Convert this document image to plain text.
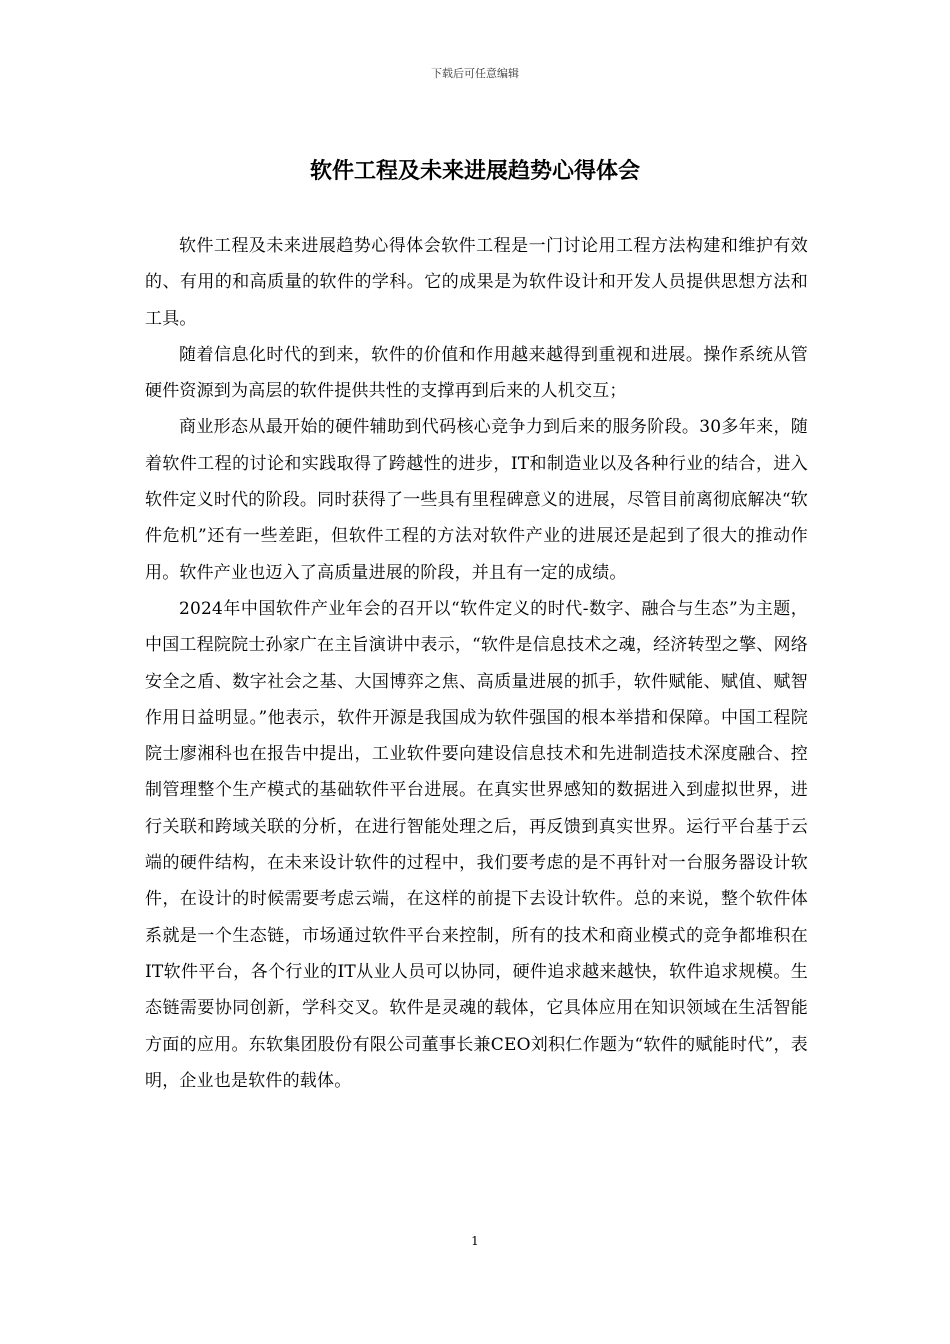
下载后可任意编辑
软件工程及未来进展趋势心得体会

软件工程及未来进展趋势心得体会软件工程是一门讨论用工程方法构建和维护有效的、有用的和高质量的软件的学科。它的成果是为软件设计和开发人员提供思想方法和工具。

随着信息化时代的到来，软件的价值和作用越来越得到重视和进展。操作系统从管硬件资源到为高层的软件提供共性的支撑再到后来的人机交互；

商业形态从最开始的硬件辅助到代码核心竞争力到后来的服务阶段。30多年来，随着软件工程的讨论和实践取得了跨越性的进步，IT和制造业以及各种行业的结合，进入软件定义时代的阶段。同时获得了一些具有里程碑意义的进展，尽管目前离彻底解决“软件危机”还有一些差距，但软件工程的方法对软件产业的进展还是起到了很大的推动作用。软件产业也迈入了高质量进展的阶段，并且有一定的成绩。

2024年中国软件产业年会的召开以“软件定义的时代-数字、融合与生态”为主题，中国工程院院士孙家广在主旨演讲中表示，“软件是信息技术之魂，经济转型之擎、网络安全之盾、数字社会之基、大国博弈之焦、高质量进展的抓手，软件赋能、赋值、赋智作用日益明显。”他表示，软件开源是我国成为软件强国的根本举措和保障。中国工程院院士廖湘科也在报告中提出，工业软件要向建设信息技术和先进制造技术深度融合、控制管理整个生产模式的基础软件平台进展。在真实世界感知的数据进入到虚拟世界，进行关联和跨域关联的分析，在进行智能处理之后，再反馈到真实世界。运行平台基于云端的硬件结构，在未来设计软件的过程中，我们要考虑的是不再针对一台服务器设计软件，在设计的时候需要考虑云端，在这样的前提下去设计软件。总的来说，整个软件体系就是一个生态链，市场通过软件平台来控制，所有的技术和商业模式的竞争都堆积在IT软件平台，各个行业的IT从业人员可以协同，硬件追求越来越快，软件追求规模。生态链需要协同创新，学科交叉。软件是灵魂的载体，它具体应用在知识领域在生活智能方面的应用。东软集团股份有限公司董事长兼CEO刘积仁作题为“软件的赋能时代”，表明，企业也是软件的载体。

1
